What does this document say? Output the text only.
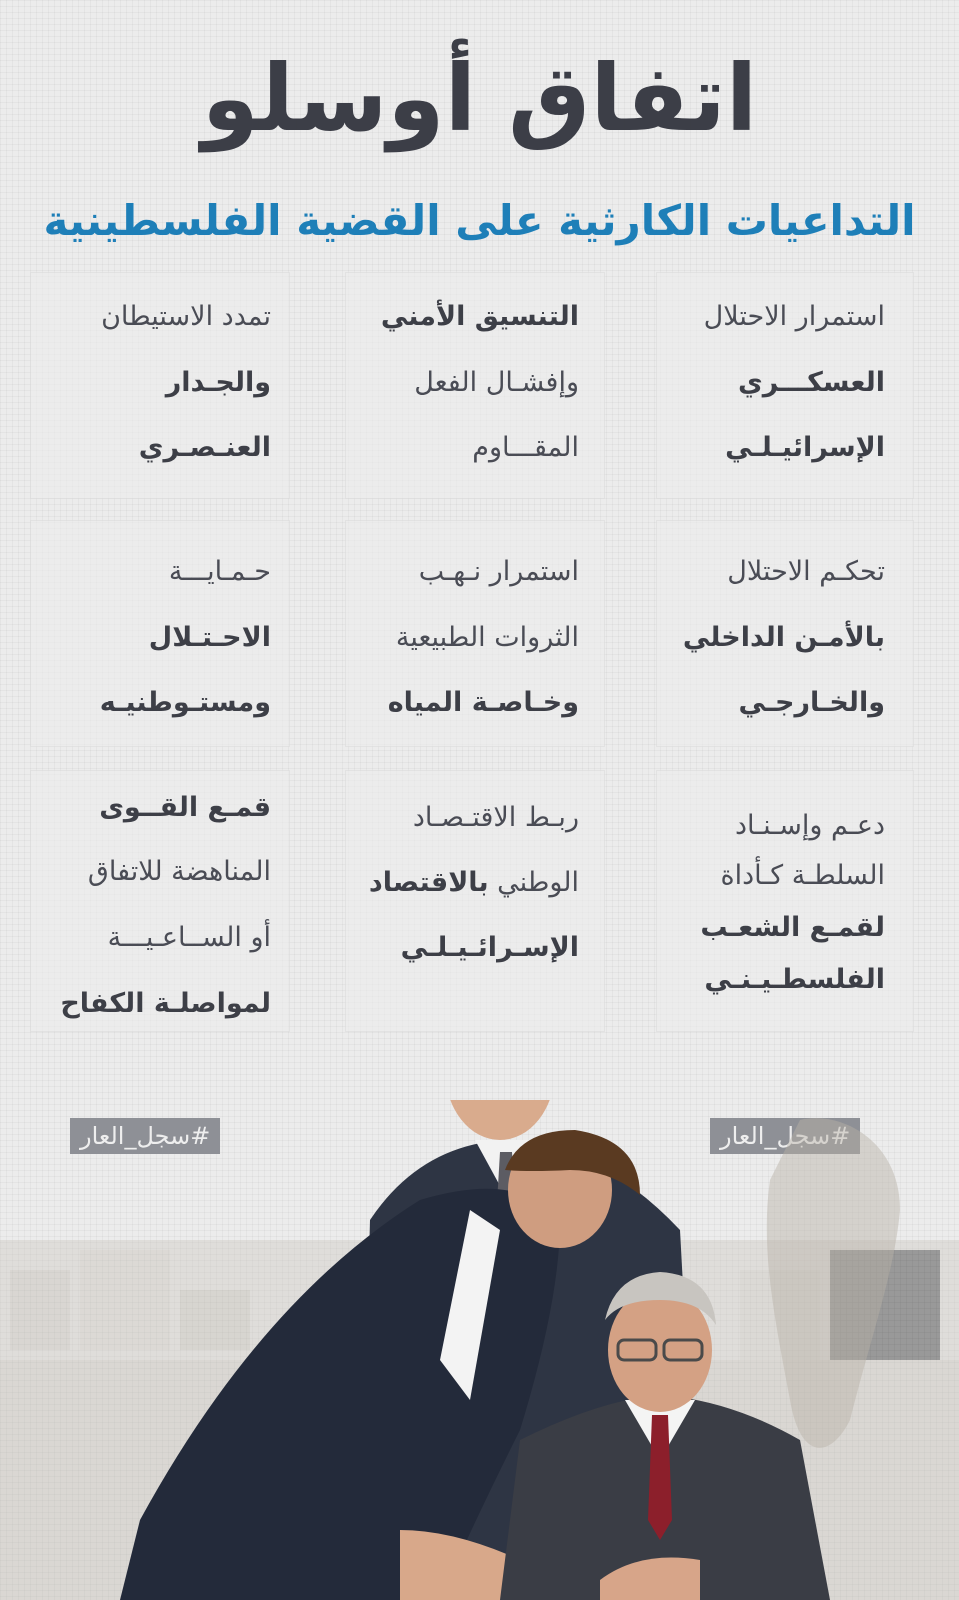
اتفاق أوسلو
التداعيات الكارثية على القضية الفلسطينية
استمرار الاحتلال
العسكـــري
الإسرائيـلـي
تحكـم الاحتلال
بالأمـن الداخلي
والخـارجـي
دعـم وإسـنـاد
السلطـة كـأداة
لقمـع الشعـب
الفلسطـيـنـي
التنسيق الأمني
وإفشـال الفعل
المقـــاوم
استمرار نـهـب
الثروات الطبيعية
وخـاصـة المياه
ربـط الاقتـصـاد
الوطني بالاقتصاد
الإسـرائـيـلـي
تمدد الاستيطان
والجـدار
العنـصـري
حـمـايـــة
الاحـتـلال
ومستـوطنيـه
قمـع القــوى
المناهضة للاتفاق
أو الســاعـيـــة
لمواصلـة الكفاح
#سجل_العار
#سجل_العار
